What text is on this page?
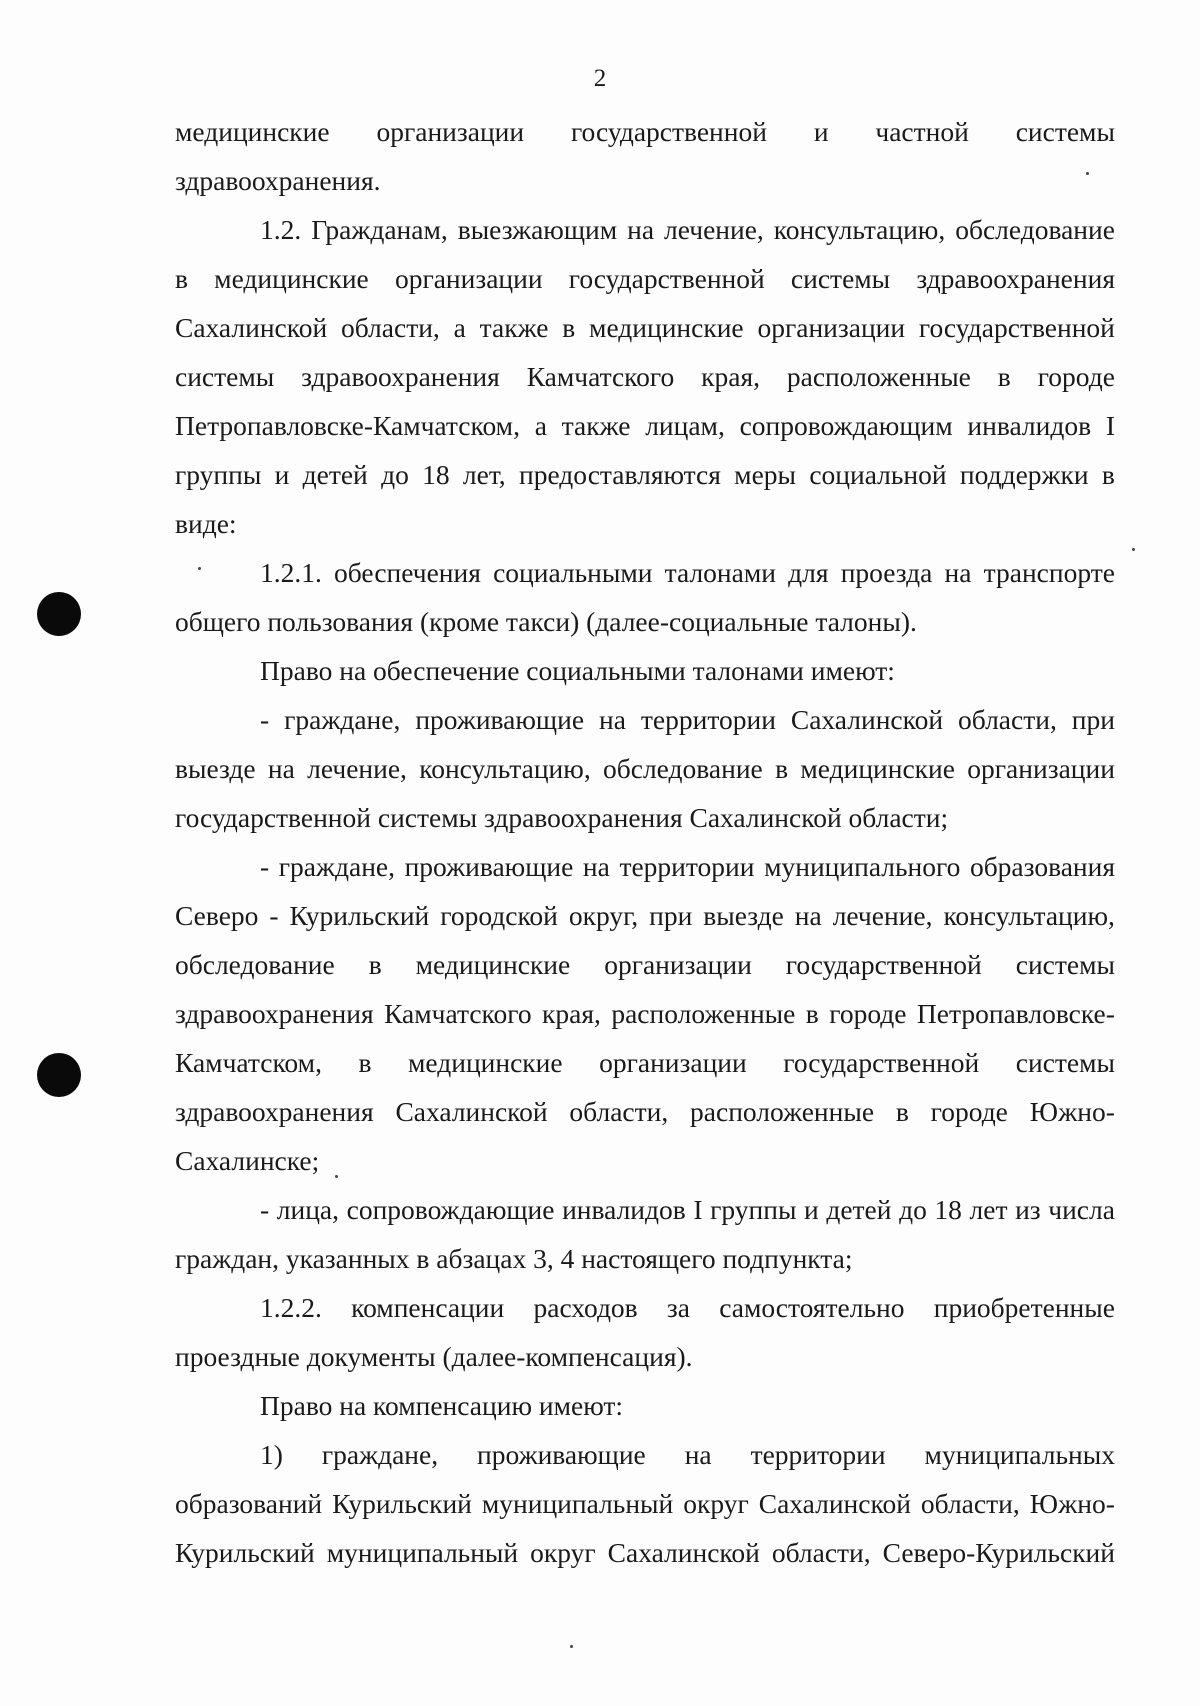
2
медицинские организации государственной и частной системы
здравоохранения.
1.2. Гражданам, выезжающим на лечение, консультацию, обследование
в медицинские организации государственной системы здравоохранения
Сахалинской области, а также в медицинские организации государственной
системы здравоохранения Камчатского края, расположенные в городе
Петропавловске-Камчатском, а также лицам, сопровождающим инвалидов I
группы и детей до 18 лет, предоставляются меры социальной поддержки в
виде:
1.2.1. обеспечения социальными талонами для проезда на транспорте
общего пользования (кроме такси) (далее-социальные талоны).
Право на обеспечение социальными талонами имеют:
- граждане, проживающие на территории Сахалинской области, при
выезде на лечение, консультацию, обследование в медицинские организации
государственной системы здравоохранения Сахалинской области;
- граждане, проживающие на территории муниципального образования
Северо - Курильский городской округ, при выезде на лечение, консультацию,
обследование в медицинские организации государственной системы
здравоохранения Камчатского края, расположенные в городе Петропавловске-
Камчатском, в медицинские организации государственной системы
здравоохранения Сахалинской области, расположенные в городе Южно-
Сахалинске;
- лица, сопровождающие инвалидов I группы и детей до 18 лет из числа
граждан, указанных в абзацах 3, 4 настоящего подпункта;
1.2.2. компенсации расходов за самостоятельно приобретенные
проездные документы (далее-компенсация).
Право на компенсацию имеют:
1) граждане, проживающие на территории муниципальных
образований Курильский муниципальный округ Сахалинской области, Южно-
Курильский муниципальный округ Сахалинской области, Северо-Курильский
